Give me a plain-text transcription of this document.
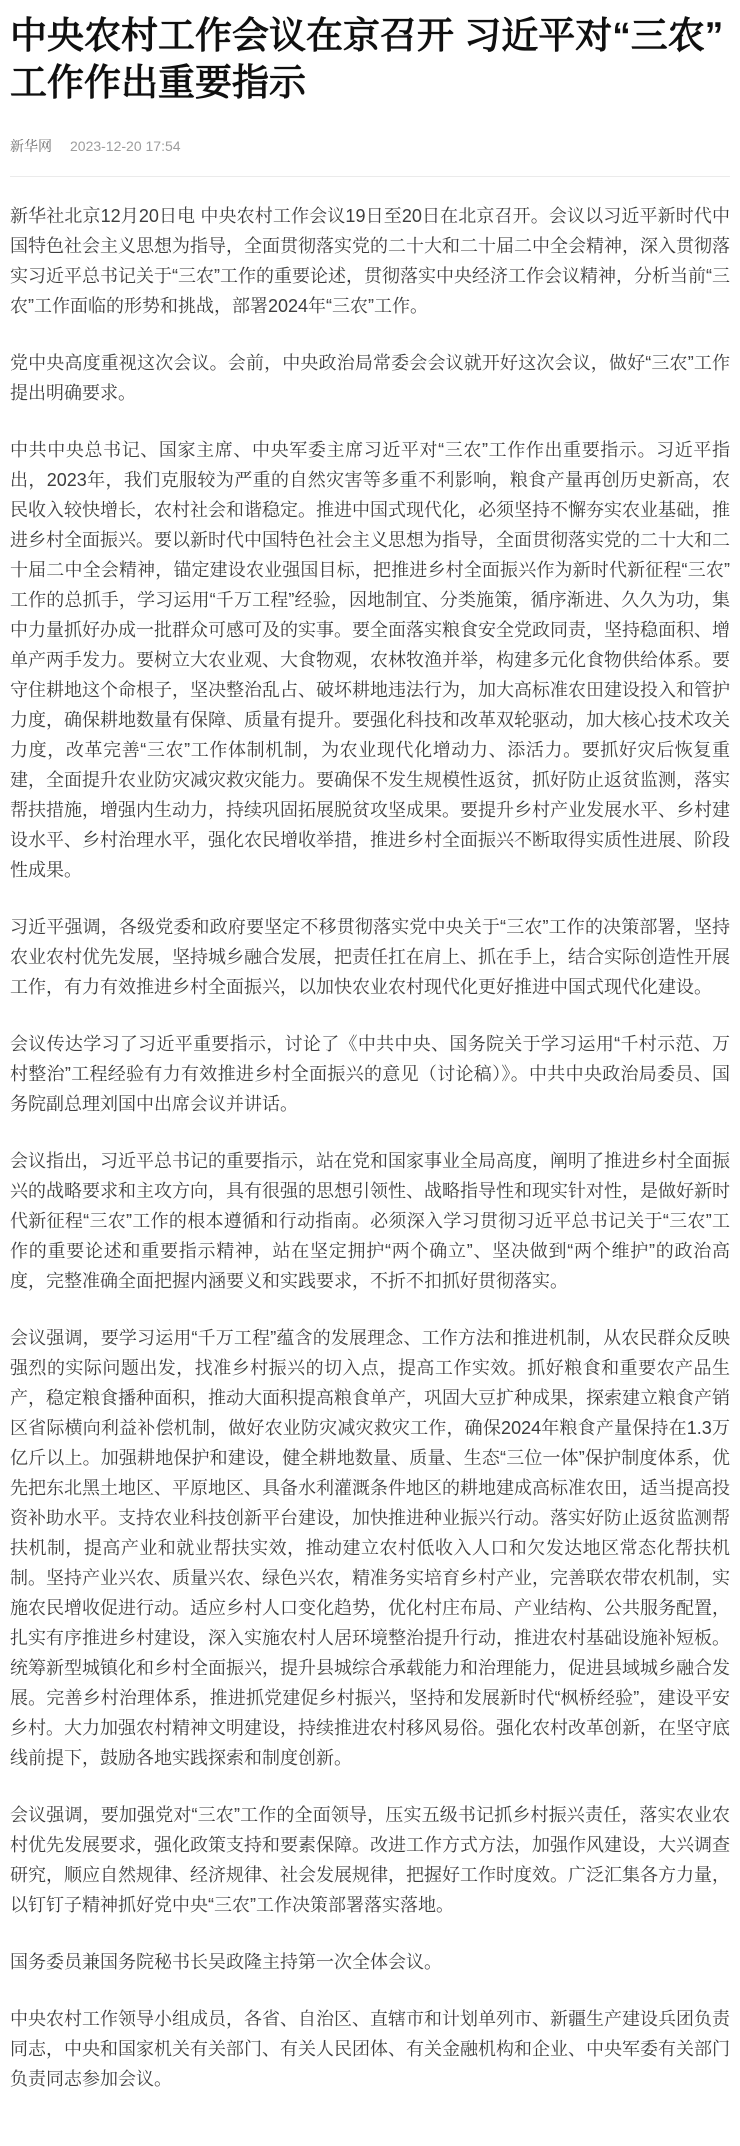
中央农村工作会议在京召开 习近平对“三农”工作作出重要指示
新华网 2023-12-20 17:54

新华社北京12月20日电 中央农村工作会议19日至20日在北京召开。会议以习近平新时代中国特色社会主义思想为指导，全面贯彻落实党的二十大和二十届二中全会精神，深入贯彻落实习近平总书记关于“三农”工作的重要论述，贯彻落实中央经济工作会议精神，分析当前“三农”工作面临的形势和挑战，部署2024年“三农”工作。

党中央高度重视这次会议。会前，中央政治局常委会会议就开好这次会议，做好“三农”工作提出明确要求。

中共中央总书记、国家主席、中央军委主席习近平对“三农”工作作出重要指示。习近平指出，2023年，我们克服较为严重的自然灾害等多重不利影响，粮食产量再创历史新高，农民收入较快增长，农村社会和谐稳定。推进中国式现代化，必须坚持不懈夯实农业基础，推进乡村全面振兴。要以新时代中国特色社会主义思想为指导，全面贯彻落实党的二十大和二十届二中全会精神，锚定建设农业强国目标，把推进乡村全面振兴作为新时代新征程“三农”工作的总抓手，学习运用“千万工程”经验，因地制宜、分类施策，循序渐进、久久为功，集中力量抓好办成一批群众可感可及的实事。要全面落实粮食安全党政同责，坚持稳面积、增单产两手发力。要树立大农业观、大食物观，农林牧渔并举，构建多元化食物供给体系。要守住耕地这个命根子，坚决整治乱占、破坏耕地违法行为，加大高标准农田建设投入和管护力度，确保耕地数量有保障、质量有提升。要强化科技和改革双轮驱动，加大核心技术攻关力度，改革完善“三农”工作体制机制，为农业现代化增动力、添活力。要抓好灾后恢复重建，全面提升农业防灾减灾救灾能力。要确保不发生规模性返贫，抓好防止返贫监测，落实帮扶措施，增强内生动力，持续巩固拓展脱贫攻坚成果。要提升乡村产业发展水平、乡村建设水平、乡村治理水平，强化农民增收举措，推进乡村全面振兴不断取得实质性进展、阶段性成果。

习近平强调，各级党委和政府要坚定不移贯彻落实党中央关于“三农”工作的决策部署，坚持农业农村优先发展，坚持城乡融合发展，把责任扛在肩上、抓在手上，结合实际创造性开展工作，有力有效推进乡村全面振兴，以加快农业农村现代化更好推进中国式现代化建设。

会议传达学习了习近平重要指示，讨论了《中共中央、国务院关于学习运用“千村示范、万村整治”工程经验有力有效推进乡村全面振兴的意见（讨论稿）》。中共中央政治局委员、国务院副总理刘国中出席会议并讲话。

会议指出，习近平总书记的重要指示，站在党和国家事业全局高度，阐明了推进乡村全面振兴的战略要求和主攻方向，具有很强的思想引领性、战略指导性和现实针对性，是做好新时代新征程“三农”工作的根本遵循和行动指南。必须深入学习贯彻习近平总书记关于“三农”工作的重要论述和重要指示精神，站在坚定拥护“两个确立”、坚决做到“两个维护”的政治高度，完整准确全面把握内涵要义和实践要求，不折不扣抓好贯彻落实。

会议强调，要学习运用“千万工程”蕴含的发展理念、工作方法和推进机制，从农民群众反映强烈的实际问题出发，找准乡村振兴的切入点，提高工作实效。抓好粮食和重要农产品生产，稳定粮食播种面积，推动大面积提高粮食单产，巩固大豆扩种成果，探索建立粮食产销区省际横向利益补偿机制，做好农业防灾减灾救灾工作，确保2024年粮食产量保持在1.3万亿斤以上。加强耕地保护和建设，健全耕地数量、质量、生态“三位一体”保护制度体系，优先把东北黑土地区、平原地区、具备水利灌溉条件地区的耕地建成高标准农田，适当提高投资补助水平。支持农业科技创新平台建设，加快推进种业振兴行动。落实好防止返贫监测帮扶机制，提高产业和就业帮扶实效，推动建立农村低收入人口和欠发达地区常态化帮扶机制。坚持产业兴农、质量兴农、绿色兴农，精准务实培育乡村产业，完善联农带农机制，实施农民增收促进行动。适应乡村人口变化趋势，优化村庄布局、产业结构、公共服务配置，扎实有序推进乡村建设，深入实施农村人居环境整治提升行动，推进农村基础设施补短板。统筹新型城镇化和乡村全面振兴，提升县城综合承载能力和治理能力，促进县域城乡融合发展。完善乡村治理体系，推进抓党建促乡村振兴，坚持和发展新时代“枫桥经验”，建设平安乡村。大力加强农村精神文明建设，持续推进农村移风易俗。强化农村改革创新，在坚守底线前提下，鼓励各地实践探索和制度创新。

会议强调，要加强党对“三农”工作的全面领导，压实五级书记抓乡村振兴责任，落实农业农村优先发展要求，强化政策支持和要素保障。改进工作方式方法，加强作风建设，大兴调查研究，顺应自然规律、经济规律、社会发展规律，把握好工作时度效。广泛汇集各方力量，以钉钉子精神抓好党中央“三农”工作决策部署落实落地。

国务委员兼国务院秘书长吴政隆主持第一次全体会议。

中央农村工作领导小组成员，各省、自治区、直辖市和计划单列市、新疆生产建设兵团负责同志，中央和国家机关有关部门、有关人民团体、有关金融机构和企业、中央军委有关部门负责同志参加会议。
